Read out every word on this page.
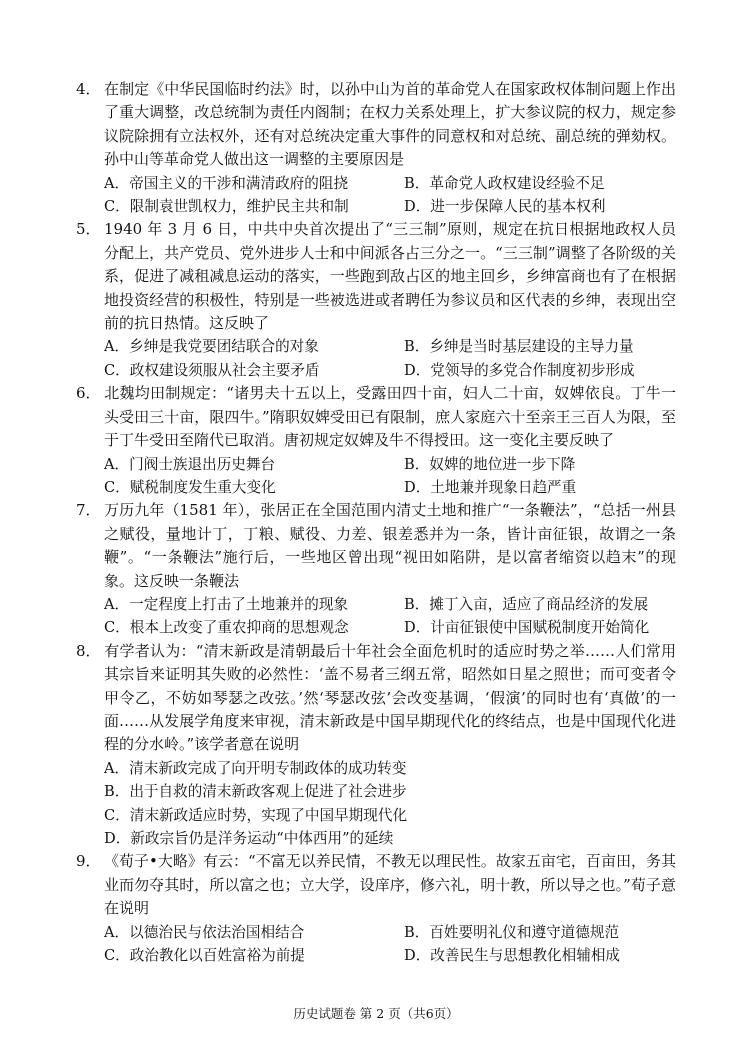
4． 在制定《中华民国临时约法》时，以孙中山为首的革命党人在国家政权体制问题上作出了重大调整，改总统制为责任内阁制；在权力关系处理上，扩大参议院的权力，规定参议院除拥有立法权外，还有对总统决定重大事件的同意权和对总统、副总统的弹劾权。孙中山等革命党人做出这一调整的主要原因是

A．帝国主义的干涉和满清政府的阻挠	B．革命党人政权建设经验不足
C．限制袁世凯权力，维护民主共和制	D．进一步保障人民的基本权利

5． 1940 年 3 月 6 日，中共中央首次提出了“三三制”原则，规定在抗日根据地政权人员分配上，共产党员、党外进步人士和中间派各占三分之一。“三三制”调整了各阶级的关系，促进了减租减息运动的落实，一些跑到敌占区的地主回乡，乡绅富商也有了在根据地投资经营的积极性，特别是一些被选进或者聘任为参议员和区代表的乡绅，表现出空前的抗日热情。这反映了

A．乡绅是我党要团结联合的对象	B．乡绅是当时基层建设的主导力量
C．政权建设须服从社会主要矛盾	D．党领导的多党合作制度初步形成

6． 北魏均田制规定：“诸男夫十五以上，受露田四十亩，妇人二十亩，奴婢依良。丁牛一头受田三十亩，限四牛。”隋职奴婢受田已有限制，庶人家庭六十至亲王三百人为限，至于丁牛受田至隋代已取消。唐初规定奴婢及牛不得授田。这一变化主要反映了

A．门阀士族退出历史舞台	B．奴婢的地位进一步下降
C．赋税制度发生重大变化	D．土地兼并现象日趋严重

7． 万历九年（1581 年），张居正在全国范围内清丈土地和推广“一条鞭法”，“总括一州县之赋役，量地计丁，丁粮、赋役、力差、银差悉并为一条，皆计亩征银，故谓之一条鞭”。“一条鞭法”施行后，一些地区曾出现“视田如陷阱，是以富者缩资以趋末”的现象。这反映一条鞭法

A．一定程度上打击了土地兼并的现象	B．摊丁入亩，适应了商品经济的发展
C．根本上改变了重农抑商的思想观念	D．计亩征银使中国赋税制度开始简化

8． 有学者认为：“清末新政是清朝最后十年社会全面危机时的适应时势之举……人们常用其宗旨来证明其失败的必然性：‘盖不易者三纲五常，昭然如日星之照世；而可变者令甲令乙，不妨如琴瑟之改弦。’然‘琴瑟改弦’会改变基调，‘假演’的同时也有‘真做’的一面……从发展学角度来审视，清末新政是中国早期现代化的终结点，也是中国现代化进程的分水岭。”该学者意在说明

A．清末新政完成了向开明专制政体的成功转变
B．出于自救的清末新政客观上促进了社会进步
C．清末新政适应时势，实现了中国早期现代化
D．新政宗旨仍是洋务运动“中体西用”的延续

9． 《荀子•大略》有云：“不富无以养民情，不教无以理民性。故家五亩宅，百亩田，务其业而勿夺其时，所以富之也；立大学，设庠序，修六礼，明十教，所以导之也。”荀子意在说明

A．以德治民与依法治国相结合	B．百姓要明礼仪和遵守道德规范
C．政治教化以百姓富裕为前提	D．改善民生与思想教化相辅相成
历史试题卷 第 2 页（共6页）
